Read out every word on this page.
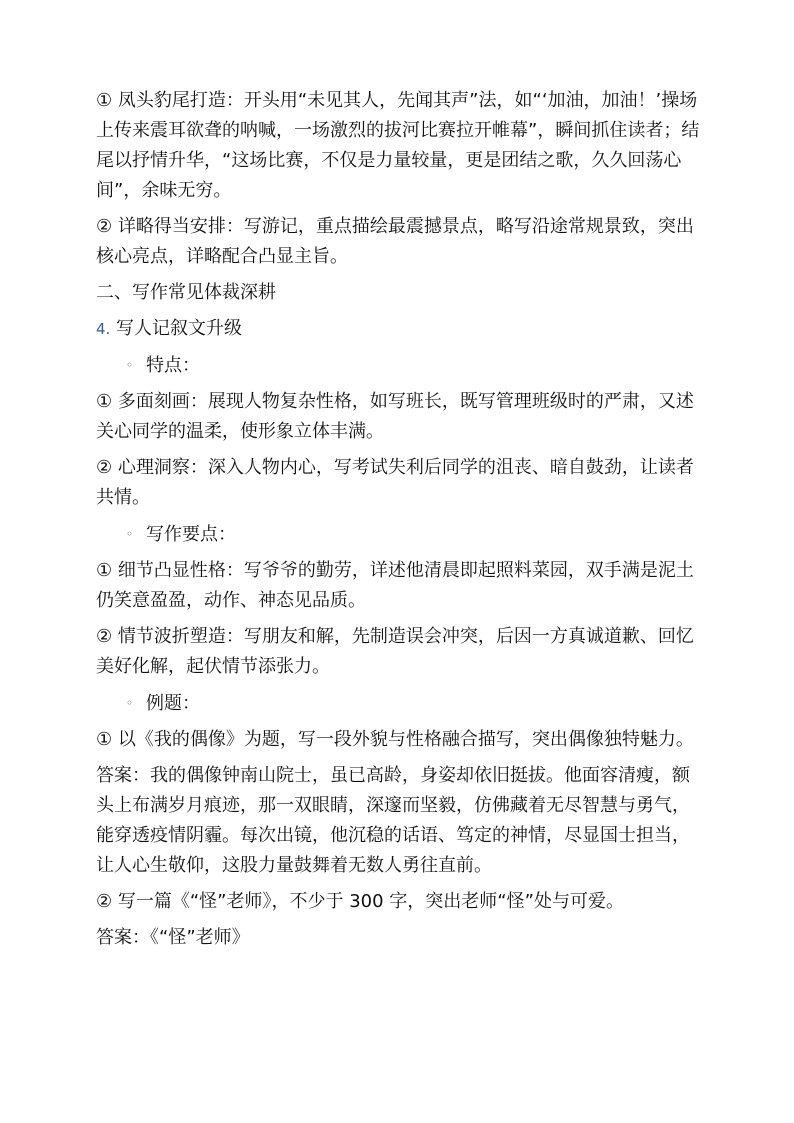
① 凤头豹尾打造：开头用“未见其人，先闻其声”法，如“‘加油，加油！’操场上传来震耳欲聋的呐喊，一场激烈的拔河比赛拉开帷幕”，瞬间抓住读者；结尾以抒情升华，“这场比赛，不仅是力量较量，更是团结之歌，久久回荡心间”，余味无穷。

② 详略得当安排：写游记，重点描绘最震撼景点，略写沿途常规景致，突出核心亮点，详略配合凸显主旨。

二、写作常见体裁深耕
4. 写人记叙文升级
◦ 特点：

① 多面刻画：展现人物复杂性格，如写班长，既写管理班级时的严肃，又述关心同学的温柔，使形象立体丰满。

② 心理洞察：深入人物内心，写考试失利后同学的沮丧、暗自鼓劲，让读者共情。

◦ 写作要点：

① 细节凸显性格：写爷爷的勤劳，详述他清晨即起照料菜园，双手满是泥土仍笑意盈盈，动作、神态见品质。

② 情节波折塑造：写朋友和解，先制造误会冲突，后因一方真诚道歉、回忆美好化解，起伏情节添张力。

◦ 例题：

① 以《我的偶像》为题，写一段外貌与性格融合描写，突出偶像独特魅力。

答案：我的偶像钟南山院士，虽已高龄，身姿却依旧挺拔。他面容清瘦，额头上布满岁月痕迹，那一双眼睛，深邃而坚毅，仿佛藏着无尽智慧与勇气，能穿透疫情阴霾。每次出镜，他沉稳的话语、笃定的神情，尽显国士担当，让人心生敬仰，这股力量鼓舞着无数人勇往直前。

② 写一篇《“怪”老师》，不少于 300 字，突出老师“怪”处与可爱。

答案：《“怪”老师》
